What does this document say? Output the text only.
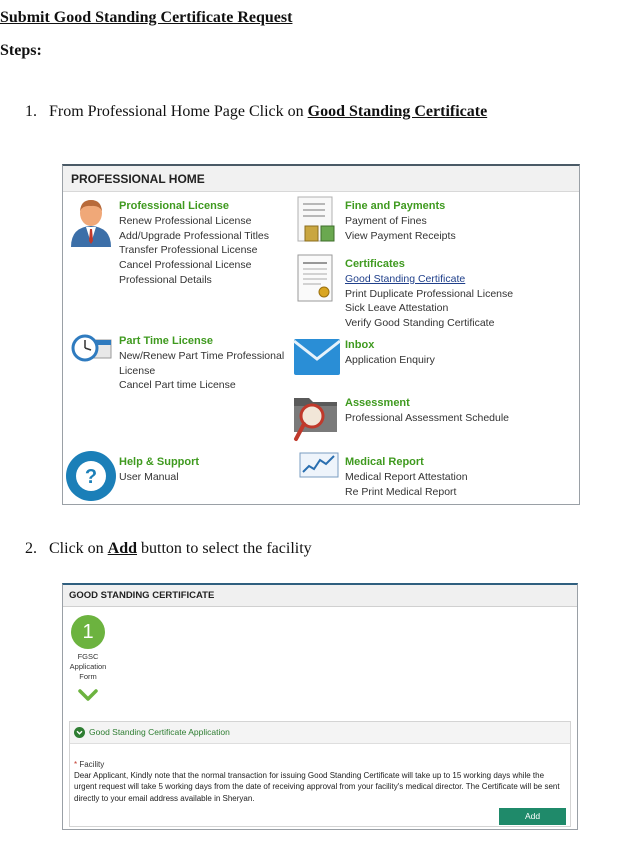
Submit Good Standing Certificate Request
Steps:
1. From Professional Home Page Click on Good Standing Certificate
PROFESSIONAL HOME
Professional License
Renew Professional License
Add/Upgrade Professional Titles
Transfer Professional License
Cancel Professional License
Professional Details
Fine and Payments
Payment of Fines
View Payment Receipts
Certificates
Good Standing Certificate
Print Duplicate Professional License
Sick Leave Attestation
Verify Good Standing Certificate
Part Time License
New/Renew Part Time Professional
License
Cancel Part time License
Inbox
Application Enquiry
Assessment
Professional Assessment Schedule
?
Help & Support
User Manual
Medical Report
Medical Report Attestation
Re Print Medical Report
2. Click on Add button to select the facility
GOOD STANDING CERTIFICATE
1
FGSC
Application
Form
Good Standing Certificate Application
* Facility
Dear Applicant, Kindly note that the normal transaction for issuing Good Standing Certificate will take up to 15 working days while the urgent request will take 5 working days from the date of receiving approval from your facility's medical director. The Certificate will be sent directly to your email address available in Sheryan.
Add
